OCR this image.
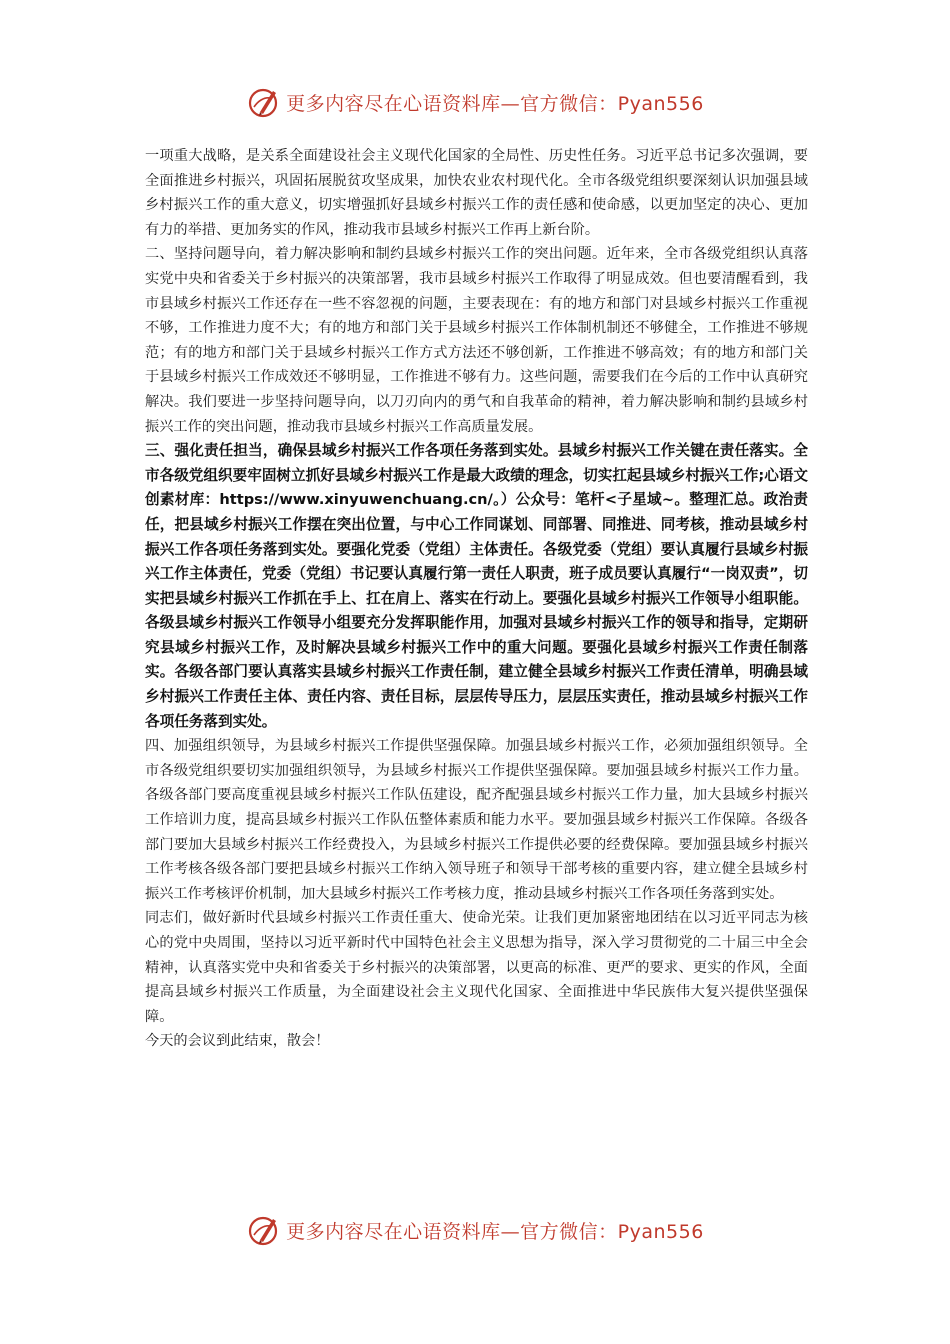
更多内容尽在心语资料库—官方微信：Pyan556

一项重大战略，是关系全面建设社会主义现代化国家的全局性、历史性任务。习近平总书记多次强调，要全面推进乡村振兴，巩固拓展脱贫攻坚成果，加快农业农村现代化。全市各级党组织要深刻认识加强县域乡村振兴工作的重大意义，切实增强抓好县域乡村振兴工作的责任感和使命感，以更加坚定的决心、更加有力的举措、更加务实的作风，推动我市县域乡村振兴工作再上新台阶。

二、坚持问题导向，着力解决影响和制约县域乡村振兴工作的突出问题。近年来，全市各级党组织认真落实党中央和省委关于乡村振兴的决策部署，我市县域乡村振兴工作取得了明显成效。但也要清醒看到，我市县域乡村振兴工作还存在一些不容忽视的问题，主要表现在：有的地方和部门对县域乡村振兴工作重视不够，工作推进力度不大；有的地方和部门关于县域乡村振兴工作体制机制还不够健全，工作推进不够规范；有的地方和部门关于县域乡村振兴工作方式方法还不够创新，工作推进不够高效；有的地方和部门关于县域乡村振兴工作成效还不够明显，工作推进不够有力。这些问题，需要我们在今后的工作中认真研究解决。我们要进一步坚持问题导向，以刀刃向内的勇气和自我革命的精神，着力解决影响和制约县域乡村振兴工作的突出问题，推动我市县域乡村振兴工作高质量发展。

三、强化责任担当，确保县域乡村振兴工作各项任务落到实处。县域乡村振兴工作关键在责任落实。全市各级党组织要牢固树立抓好县域乡村振兴工作是最大政绩的理念，切实扛起县域乡村振兴工作;心语文创素材库：https://www.xinyuwenchuang.cn/。）公众号：笔杆<子星域~。整理汇总。政治责任，把县域乡村振兴工作摆在突出位置，与中心工作同谋划、同部署、同推进、同考核，推动县域乡村振兴工作各项任务落到实处。要强化党委（党组）主体责任。各级党委（党组）要认真履行县域乡村振兴工作主体责任，党委（党组）书记要认真履行第一责任人职责，班子成员要认真履行“一岗双责”，切实把县域乡村振兴工作抓在手上、扛在肩上、落实在行动上。要强化县域乡村振兴工作领导小组职能。各级县域乡村振兴工作领导小组要充分发挥职能作用，加强对县域乡村振兴工作的领导和指导，定期研究县域乡村振兴工作，及时解决县域乡村振兴工作中的重大问题。要强化县域乡村振兴工作责任制落实。各级各部门要认真落实县域乡村振兴工作责任制，建立健全县域乡村振兴工作责任清单，明确县域乡村振兴工作责任主体、责任内容、责任目标，层层传导压力，层层压实责任，推动县域乡村振兴工作各项任务落到实处。

四、加强组织领导，为县域乡村振兴工作提供坚强保障。加强县域乡村振兴工作，必须加强组织领导。全市各级党组织要切实加强组织领导，为县域乡村振兴工作提供坚强保障。要加强县域乡村振兴工作力量。各级各部门要高度重视县域乡村振兴工作队伍建设，配齐配强县域乡村振兴工作力量，加大县域乡村振兴工作培训力度，提高县域乡村振兴工作队伍整体素质和能力水平。要加强县域乡村振兴工作保障。各级各部门要加大县域乡村振兴工作经费投入，为县域乡村振兴工作提供必要的经费保障。要加强县域乡村振兴工作考核各级各部门要把县域乡村振兴工作纳入领导班子和领导干部考核的重要内容，建立健全县域乡村振兴工作考核评价机制，加大县域乡村振兴工作考核力度，推动县域乡村振兴工作各项任务落到实处。

同志们，做好新时代县域乡村振兴工作责任重大、使命光荣。让我们更加紧密地团结在以习近平同志为核心的党中央周围，坚持以习近平新时代中国特色社会主义思想为指导，深入学习贯彻党的二十届三中全会精神，认真落实党中央和省委关于乡村振兴的决策部署，以更高的标准、更严的要求、更实的作风，全面提高县域乡村振兴工作质量，为全面建设社会主义现代化国家、全面推进中华民族伟大复兴提供坚强保障。

今天的会议到此结束，散会！

更多内容尽在心语资料库—官方微信：Pyan556
